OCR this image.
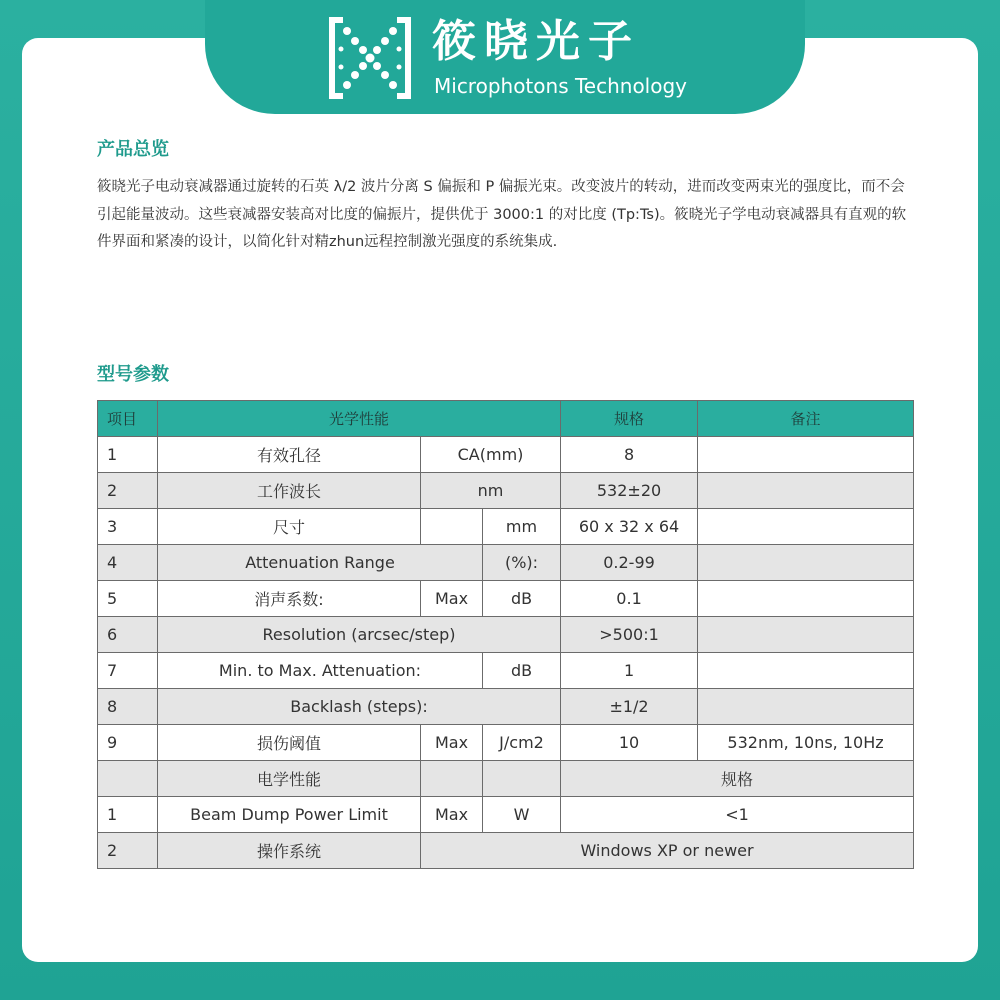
筱晓光子
Microphotons Technology
产品总览
筱晓光子电动衰减器通过旋转的石英 λ/2 波片分离 S 偏振和 P 偏振光束。改变波片的转动，进而改变两束光的强度比，而不会引起能量波动。这些衰减器安装高对比度的偏振片，提供优于 3000:1 的对比度 (Tp:Ts)。筱晓光子学电动衰减器具有直观的软件界面和紧凑的设计，以简化针对精zhun远程控制激光强度的系统集成.
型号参数
项目	光学性能			规格	备注
1	有效孔径	CA(mm)		8	
2	工作波长	nm		532±20	
3	尺寸		mm	60 x 32 x 64	
4	Attenuation Range		(%):	0.2-99	
5	消声系数:	Max	dB	0.1	
6	Resolution (arcsec/step)			>500:1	
7	Min. to Max. Attenuation:		dB	1	
8	Backlash (steps):			±1/2	
9	损伤阈值	Max	J/cm2	10	532nm, 10ns, 10Hz
	电学性能			规格	
1	Beam Dump Power Limit	Max	W	<1	
2	操作系统	Windows XP or newer			
